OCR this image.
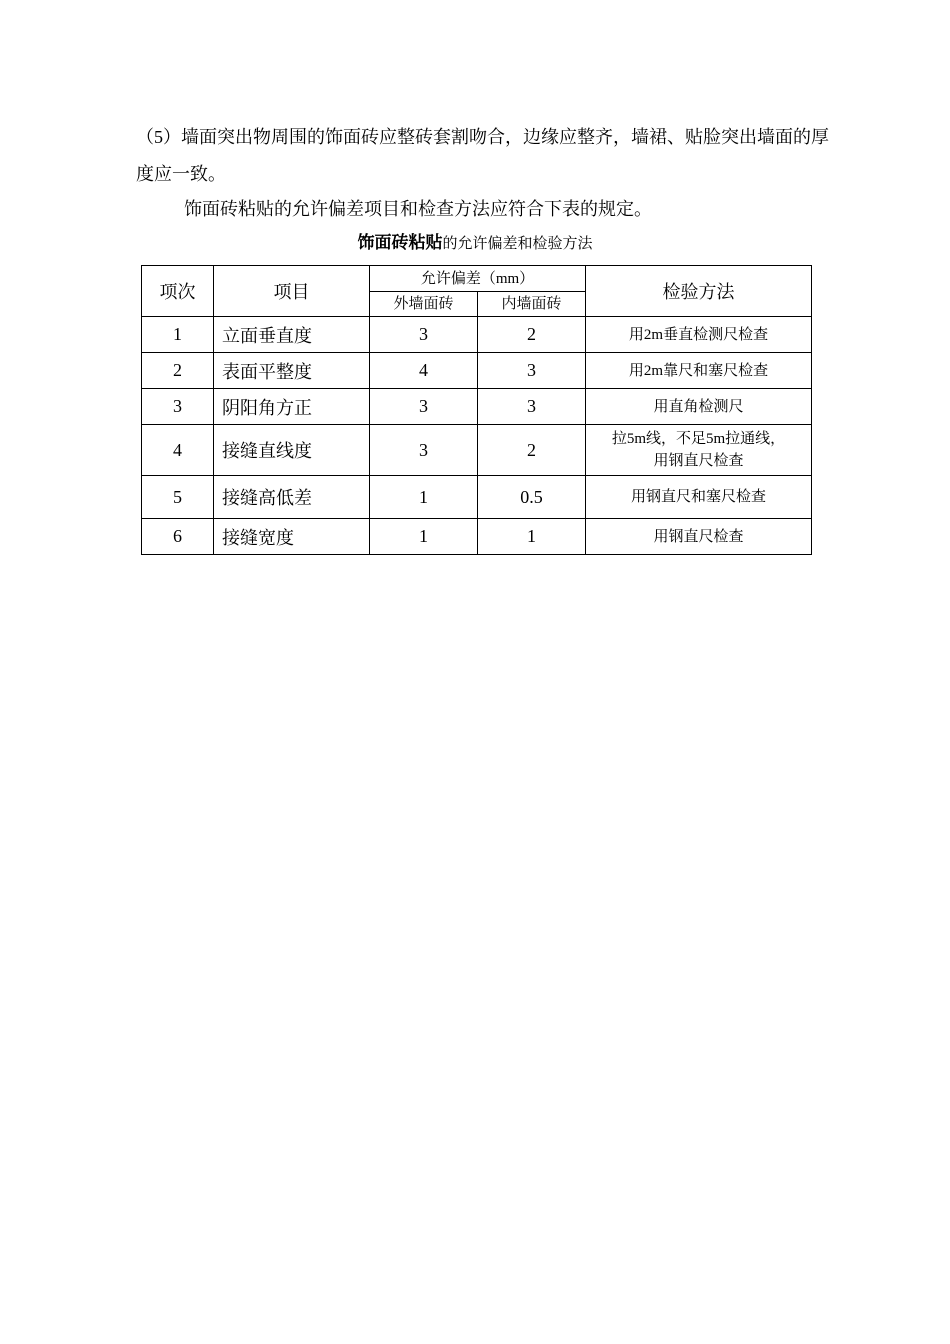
（5）墙面突出物周围的饰面砖应整砖套割吻合，边缘应整齐，墙裙、贴脸突出墙面的厚度应一致。

饰面砖粘贴的允许偏差项目和检查方法应符合下表的规定。

饰面砖粘贴的允许偏差和检验方法
项次	项目	允许偏差（mm）		检验方法
		外墙面砖	内墙面砖	
1	立面垂直度	3	2	用2m垂直检测尺检查
2	表面平整度	4	3	用2m靠尺和塞尺检查
3	阴阳角方正	3	3	用直角检测尺
4	接缝直线度	3	2	拉5m线，不足5m拉通线，
用钢直尺检查

5	接缝高低差	1	0.5	用钢直尺和塞尺检查
6	接缝宽度	1	1	用钢直尺检查
